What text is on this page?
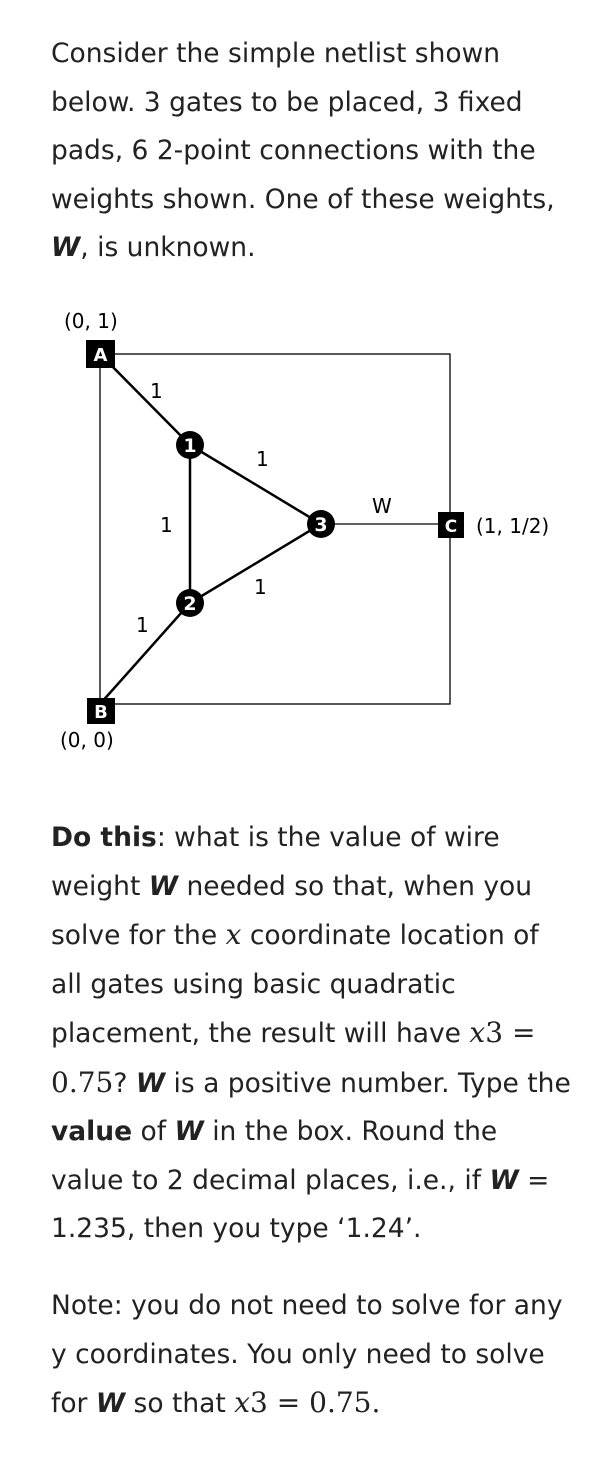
Consider the simple netlist shown below. 3 gates to be placed, 3 fixed pads, 6 2-point connections with the weights shown. One of these weights, W, is unknown.
1
2
3
A
B
C
(0, 1)
(0, 0)
(1, 1/2)
1
1
1
1
1
W
Do this: what is the value of wire weight W needed so that, when you solve for the x coordinate location of all gates using basic quadratic placement, the result will have x3 = 0.75? W is a positive number. Type the value of W in the box. Round the value to 2 decimal places, i.e., if W = 1.235, then you type ‘1.24’.
Note: you do not need to solve for any y coordinates. You only need to solve for W so that x3 = 0.75.
